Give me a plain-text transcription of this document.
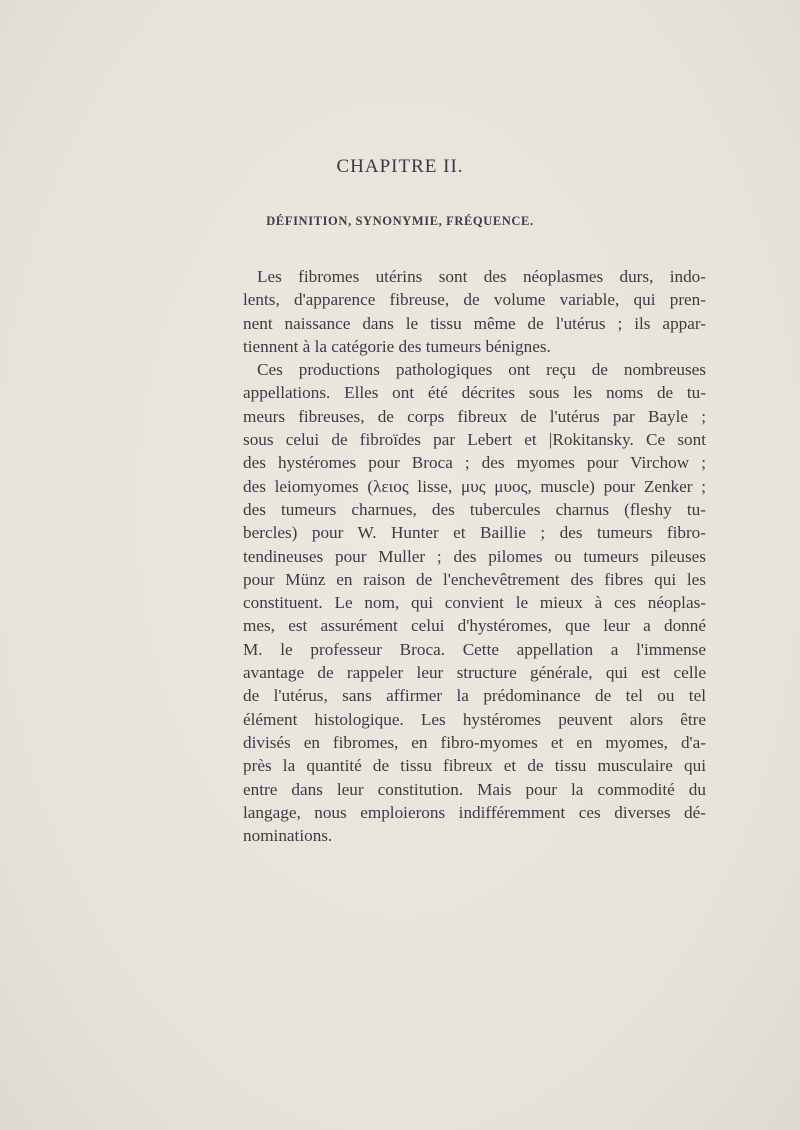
CHAPITRE II.
DÉFINITION, SYNONYMIE, FRÉQUENCE.
Les fibromes utérins sont des néoplasmes durs, indo-
lents, d'apparence fibreuse, de volume variable, qui pren-
nent naissance dans le tissu même de l'utérus ; ils appar-
tiennent à la catégorie des tumeurs bénignes.
Ces productions pathologiques ont reçu de nombreuses
appellations. Elles ont été décrites sous les noms de tu-
meurs fibreuses, de corps fibreux de l'utérus par Bayle ;
sous celui de fibroïdes par Lebert et |Rokitansky. Ce sont
des hystéromes pour Broca ; des myomes pour Virchow ;
des leiomyomes (λειος lisse, μυς μυος, muscle) pour Zenker ;
des tumeurs charnues, des tubercules charnus (fleshy tu-
bercles) pour W. Hunter et Baillie ; des tumeurs fibro-
tendineuses pour Muller ; des pilomes ou tumeurs pileuses
pour Münz en raison de l'enchevêtrement des fibres qui les
constituent. Le nom, qui convient le mieux à ces néoplas-
mes, est assurément celui d'hystéromes, que leur a donné
M. le professeur Broca. Cette appellation a l'immense
avantage de rappeler leur structure générale, qui est celle
de l'utérus, sans affirmer la prédominance de tel ou tel
élément histologique. Les hystéromes peuvent alors être
divisés en fibromes, en fibro-myomes et en myomes, d'a-
près la quantité de tissu fibreux et de tissu musculaire qui
entre dans leur constitution. Mais pour la commodité du
langage, nous emploierons indifféremment ces diverses dé-
nominations.
